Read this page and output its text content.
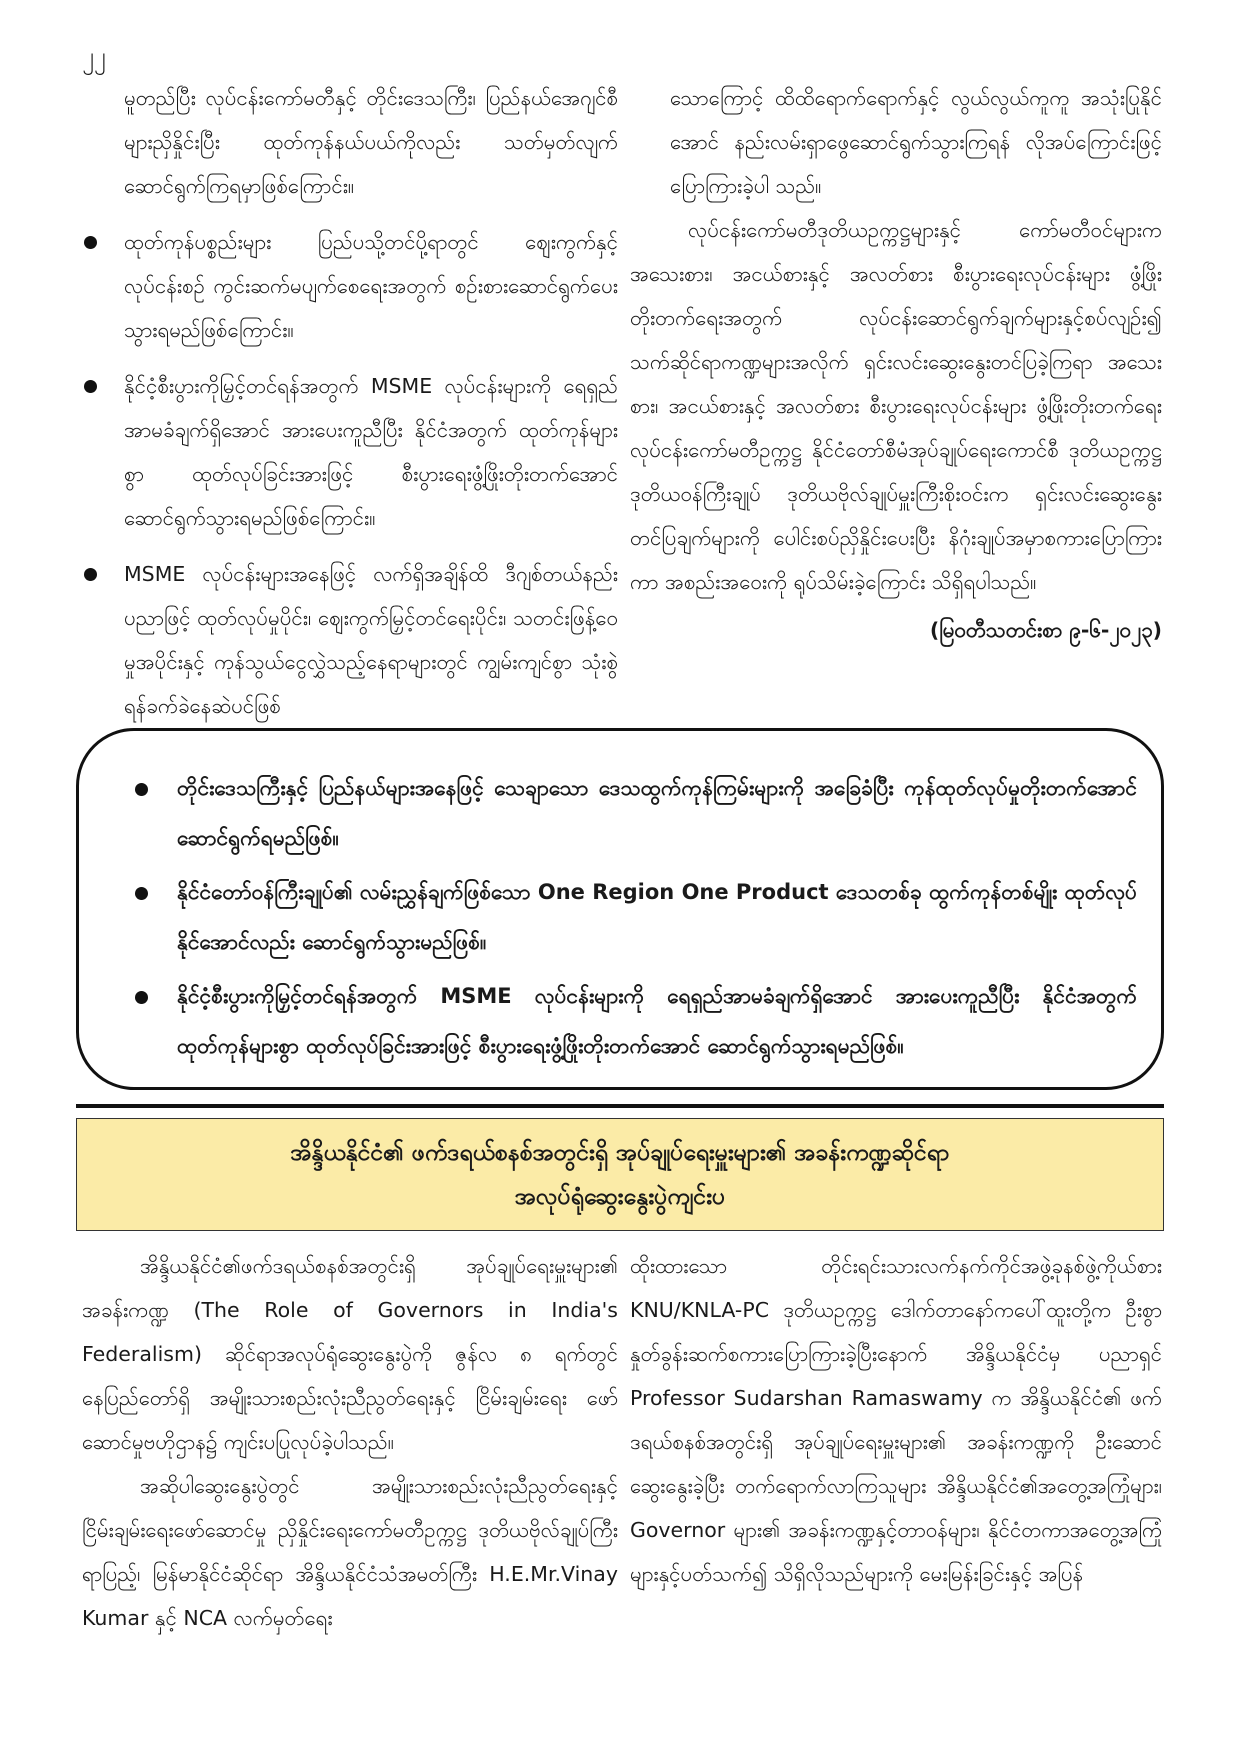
၂၂

မူတည်ပြီး လုပ်ငန်းကော်မတီနှင့် တိုင်းဒေသကြီး၊ ပြည်နယ်အေဂျင်စီများညှိနှိုင်းပြီး ထုတ်ကုန်နယ်ပယ်ကိုလည်း သတ်မှတ်လျက် ဆောင်ရွက်ကြရမှာဖြစ်ကြောင်း။

ထုတ်ကုန်ပစ္စည်းများ ပြည်ပသို့တင်ပို့ရာတွင် ဈေးကွက်နှင့်လုပ်ငန်းစဉ် ကွင်းဆက်မပျက်စေရေးအတွက် စဉ်းစားဆောင်ရွက်ပေးသွားရမည်ဖြစ်ကြောင်း။
နိုင်ငံ့စီးပွားကိုမြှင့်တင်ရန်အတွက် MSME လုပ်ငန်းများကို ရေရှည်အာမခံချက်ရှိအောင် အားပေးကူညီပြီး နိုင်ငံအတွက် ထုတ်ကုန်များစွာ ထုတ်လုပ်ခြင်းအားဖြင့် စီးပွားရေးဖွံ့ဖြိုးတိုးတက်အောင် ဆောင်ရွက်သွားရမည်ဖြစ်ကြောင်း။
MSME လုပ်ငန်းများအနေဖြင့် လက်ရှိအချိန်ထိ ဒီဂျစ်တယ်နည်းပညာဖြင့် ထုတ်လုပ်မှုပိုင်း၊ ဈေးကွက်မြှင့်တင်ရေးပိုင်း၊ သတင်းဖြန့်ဝေမှုအပိုင်းနှင့် ကုန်သွယ်ငွေလွှဲသည့်နေရာများတွင် ကျွမ်းကျင်စွာ သုံးစွဲရန်ခက်ခဲနေဆဲပင်ဖြစ်

သောကြောင့် ထိထိရောက်ရောက်နှင့် လွယ်လွယ်ကူကူ အသုံးပြုနိုင်အောင် နည်းလမ်းရှာဖွေဆောင်ရွက်သွားကြရန် လိုအပ်ကြောင်းဖြင့် ပြောကြားခဲ့ပါ သည်။

လုပ်ငန်းကော်မတီဒုတိယဥက္ကဋ္ဌများနှင့် ကော်မတီဝင်များက အသေးစား၊ အငယ်စားနှင့် အလတ်စား စီးပွားရေးလုပ်ငန်းများ ဖွံ့ဖြိုးတိုးတက်ရေးအတွက် လုပ်ငန်းဆောင်ရွက်ချက်များနှင့်စပ်လျဉ်း၍ သက်ဆိုင်ရာကဏ္ဍများအလိုက် ရှင်းလင်းဆွေးနွေးတင်ပြခဲ့ကြရာ အသေးစား၊ အငယ်စားနှင့် အလတ်စား စီးပွားရေးလုပ်ငန်းများ ဖွံ့ဖြိုးတိုးတက်ရေးလုပ်ငန်းကော်မတီဥက္ကဋ္ဌ နိုင်ငံတော်စီမံအုပ်ချုပ်ရေးကောင်စီ ဒုတိယဥက္ကဋ္ဌ ဒုတိယဝန်ကြီးချုပ် ဒုတိယဗိုလ်ချုပ်မှူးကြီးစိုးဝင်းက ရှင်းလင်းဆွေးနွေးတင်ပြချက်များကို ပေါင်းစပ်ညှိနှိုင်းပေးပြီး နိဂုံးချုပ်အမှာစကားပြောကြားကာ အစည်းအဝေးကို ရုပ်သိမ်းခဲ့ကြောင်း သိရှိရပါသည်။

(မြဝတီသတင်းစာ ၉-၆-၂၀၂၃)
တိုင်းဒေသကြီးနှင့် ပြည်နယ်များအနေဖြင့် သေချာသော ဒေသထွက်ကုန်ကြမ်းများကို အခြေခံပြီး ကုန်ထုတ်လုပ်မှုတိုးတက်အောင် ဆောင်ရွက်ရမည်ဖြစ်။
နိုင်ငံတော်ဝန်ကြီးချုပ်၏ လမ်းညွှန်ချက်ဖြစ်သော One Region One Product ဒေသတစ်ခု ထွက်ကုန်တစ်မျိုး ထုတ်လုပ်နိုင်အောင်လည်း ဆောင်ရွက်သွားမည်ဖြစ်။
နိုင်ငံ့စီးပွားကိုမြှင့်တင်ရန်အတွက် MSME လုပ်ငန်းများကို ရေရှည်အာမခံချက်ရှိအောင် အားပေးကူညီပြီး နိုင်ငံအတွက် ထုတ်ကုန်များစွာ ထုတ်လုပ်ခြင်းအားဖြင့် စီးပွားရေးဖွံ့ဖြိုးတိုးတက်အောင် ဆောင်ရွက်သွားရမည်ဖြစ်။
အိန္ဒိယနိုင်ငံ၏ ဖက်ဒရယ်စနစ်အတွင်းရှိ အုပ်ချုပ်ရေးမှူးများ၏ အခန်းကဏ္ဍဆိုင်ရာ
အလုပ်ရုံဆွေးနွေးပွဲကျင်းပ

အိန္ဒိယနိုင်ငံ၏ဖက်ဒရယ်စနစ်အတွင်းရှိ အုပ်ချုပ်ရေးမှူးများ၏ အခန်းကဏ္ဍ (The Role of Governors in India's Federalism) ဆိုင်ရာအလုပ်ရုံဆွေးနွေးပွဲကို ဇွန်လ ၈ ရက်တွင် နေပြည်တော်ရှိ အမျိုးသားစည်းလုံးညီညွတ်ရေးနှင့် ငြိမ်းချမ်းရေး ဖော်ဆောင်မှုဗဟိုဌာန၌ ကျင်းပပြုလုပ်ခဲ့ပါသည်။

အဆိုပါဆွေးနွေးပွဲတွင် အမျိုးသားစည်းလုံးညီညွတ်ရေးနှင့် ငြိမ်းချမ်းရေးဖော်ဆောင်မှု ညှိနှိုင်းရေးကော်မတီဥက္ကဋ္ဌ ဒုတိယဗိုလ်ချုပ်ကြီးရာပြည့်၊ မြန်မာနိုင်ငံဆိုင်ရာ အိန္ဒိယနိုင်ငံသံအမတ်ကြီး H.E.Mr.Vinay Kumar နှင့် NCA လက်မှတ်ရေး

ထိုးထားသော တိုင်းရင်းသားလက်နက်ကိုင်အဖွဲ့ခုနစ်ဖွဲ့ကိုယ်စား KNU/KNLA-PC ဒုတိယဥက္ကဋ္ဌ ဒေါက်တာနော်ကပေါ်ထူးတို့က ဦးစွာနှုတ်ခွန်းဆက်စကားပြောကြားခဲ့ပြီးနောက် အိန္ဒိယနိုင်ငံမှ ပညာရှင် Professor Sudarshan Ramaswamy က အိန္ဒိယနိုင်ငံ၏ ဖက်ဒရယ်စနစ်အတွင်းရှိ အုပ်ချုပ်ရေးမှူးများ၏ အခန်းကဏ္ဍကို ဦးဆောင်ဆွေးနွေးခဲ့ပြီး တက်ရောက်လာကြသူများ အိန္ဒိယနိုင်ငံ၏အတွေ့အကြုံများ၊ Governor များ၏ အခန်းကဏ္ဍနှင့်တာဝန်များ၊ နိုင်ငံတကာအတွေ့အကြုံများနှင့်ပတ်သက်၍ သိရှိလိုသည်များကို မေးမြန်းခြင်းနှင့် အပြန်
